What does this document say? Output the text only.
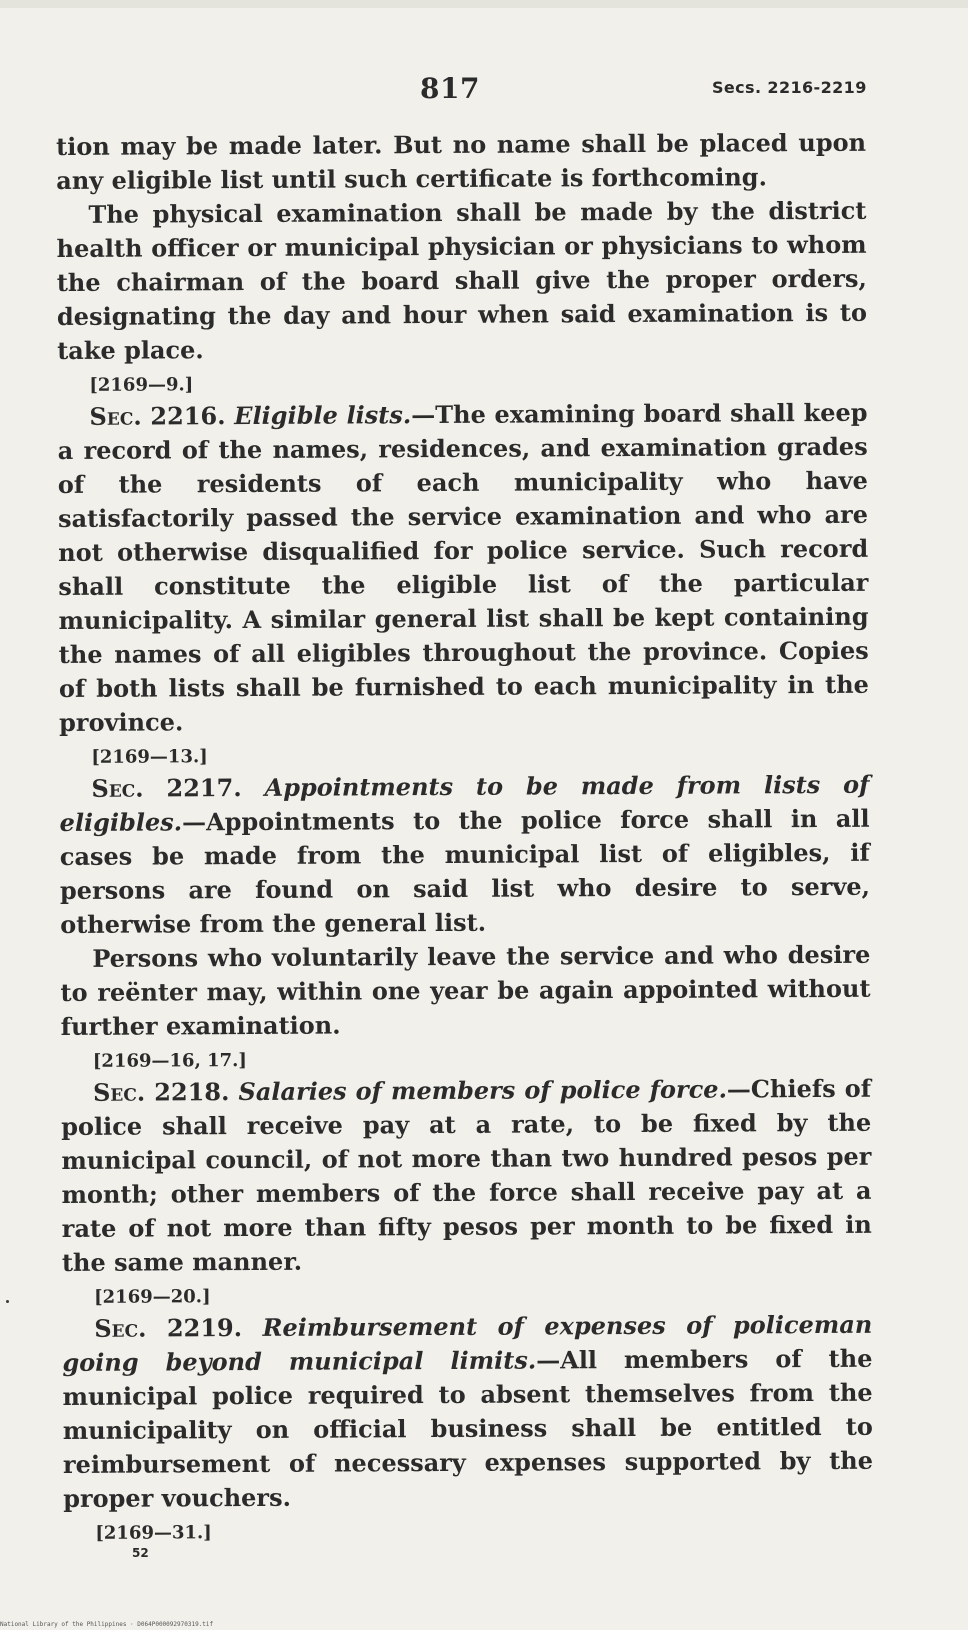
817	Secs. 2216-2219

tion may be made later. But no name shall be placed upon any eligible list until such certificate is forthcoming.

The physical examination shall be made by the district health officer or municipal physician or physicians to whom the chairman of the board shall give the proper orders, designating the day and hour when said examination is to take place.

[2169—9.]

Sec. 2216. Eligible lists.—The examining board shall keep a record of the names, residences, and examination grades of the residents of each municipality who have satisfactorily passed the service examination and who are not otherwise disqualified for police service. Such record shall constitute the eligible list of the particular municipality. A similar general list shall be kept containing the names of all eligibles throughout the province. Copies of both lists shall be furnished to each municipality in the province.

[2169—13.]

Sec. 2217. Appointments to be made from lists of eligibles.—Appointments to the police force shall in all cases be made from the municipal list of eligibles, if persons are found on said list who desire to serve, otherwise from the general list.

Persons who voluntarily leave the service and who desire to reënter may, within one year be again appointed without further examination.

[2169—16, 17.]

Sec. 2218. Salaries of members of police force.—Chiefs of police shall receive pay at a rate, to be fixed by the municipal council, of not more than two hundred pesos per month; other members of the force shall receive pay at a rate of not more than fifty pesos per month to be fixed in the same manner.

[2169—20.]

Sec. 2219. Reimbursement of expenses of policeman going beyond municipal limits.—All members of the municipal police required to absent themselves from the municipality on official business shall be entitled to reimbursement of necessary expenses supported by the proper vouchers.

[2169—31.]

52
National Library of the Philippines · D064P000092970319.tif
